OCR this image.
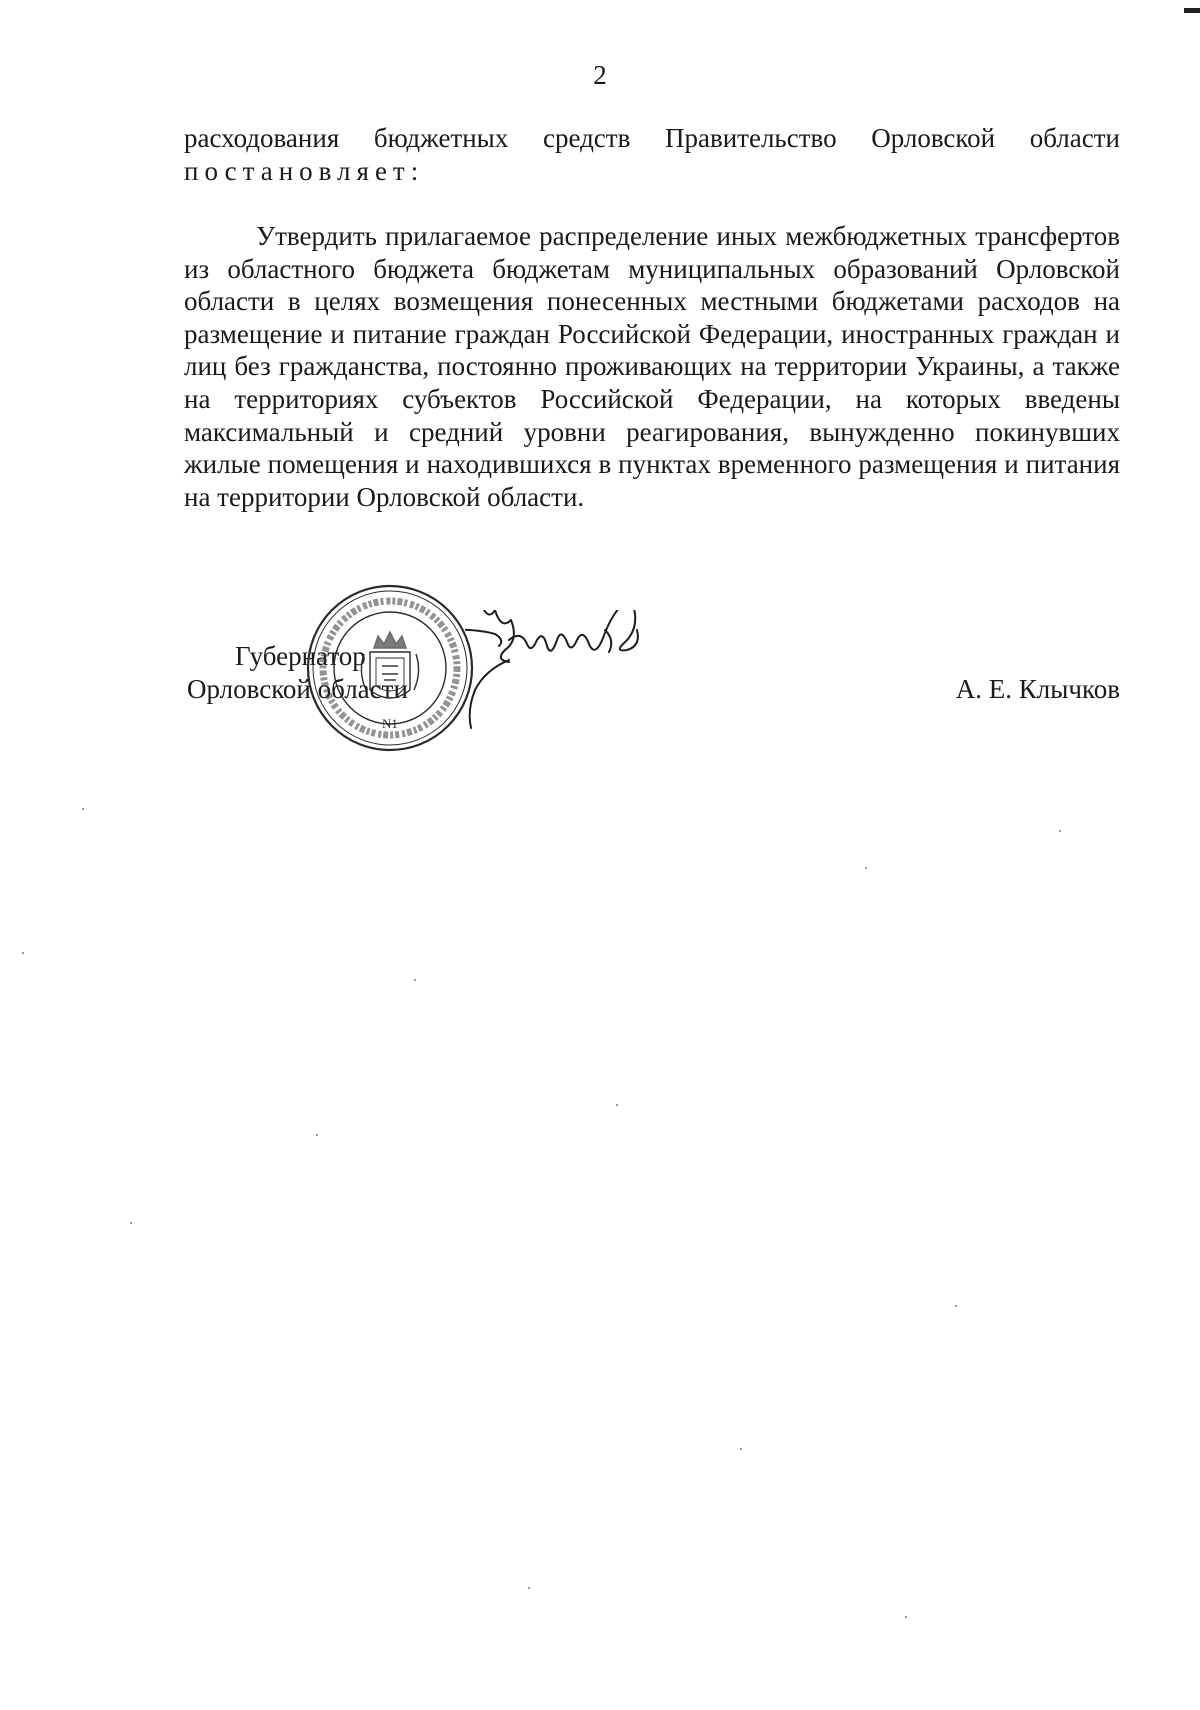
2
расходования бюджетных средств Правительство Орловской области
постановляет:
Утвердить прилагаемое распределение иных межбюджетных трансфертов из областного бюджета бюджетам муниципальных образований Орловской области в целях возмещения понесенных местными бюджетами расходов на размещение и питание граждан Российской Федерации, иностранных граждан и лиц без гражданства, постоянно проживающих на территории Украины, а также на территориях субъектов Российской Федерации, на которых введены максимальный и средний уровни реагирования, вынужденно покинувших жилые помещения и находившихся в пунктах временного размещения и питания на территории Орловской области.
Губернатор
Орловской области	А. Е. Клычков
N1
